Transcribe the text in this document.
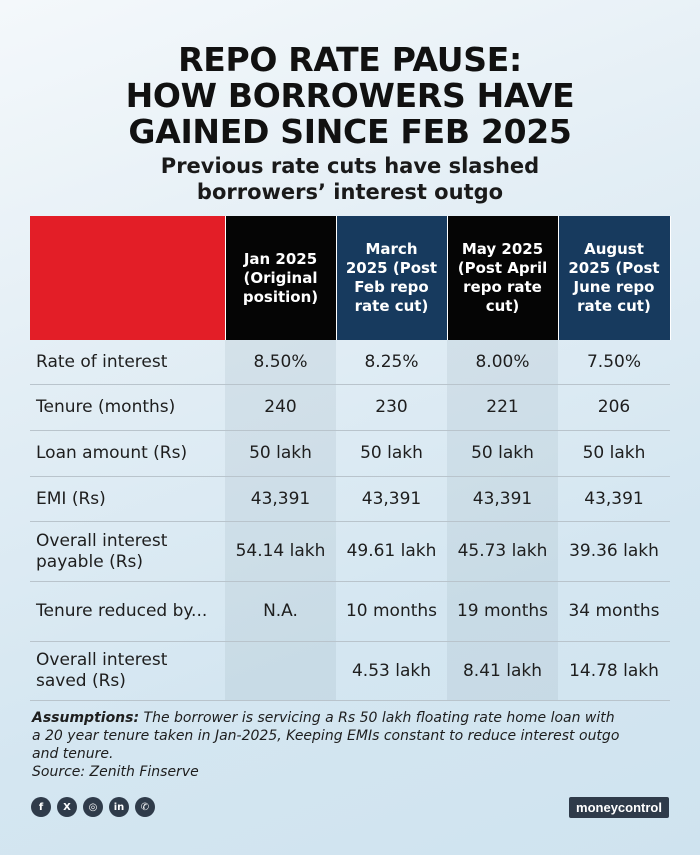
REPO RATE PAUSE:
HOW BORROWERS HAVE
GAINED SINCE FEB 2025
Previous rate cuts have slashed
borrowers’ interest outgo
	Jan 2025 (Original position)	March 2025 (Post Feb repo rate cut)	May 2025 (Post April repo rate cut)	August 2025 (Post June repo rate cut)
Rate of interest	8.50%	8.25%	8.00%	7.50%
Tenure (months)	240	230	221	206
Loan amount (Rs)	50 lakh	50 lakh	50 lakh	50 lakh
EMI (Rs)	43,391	43,391	43,391	43,391
Overall interest payable (Rs)	54.14 lakh	49.61 lakh	45.73 lakh	39.36 lakh
Tenure reduced by...	N.A.	10 months	19 months	34 months
Overall interest saved (Rs)		4.53 lakh	8.41 lakh	14.78 lakh
Assumptions: The borrower is servicing a Rs 50 lakh floating rate home loan with a 20 year tenure taken in Jan-2025, Keeping EMIs constant to reduce interest outgo and tenure.
Source: Zenith Finserve
f	X	◎	in	✆	moneycontrol
